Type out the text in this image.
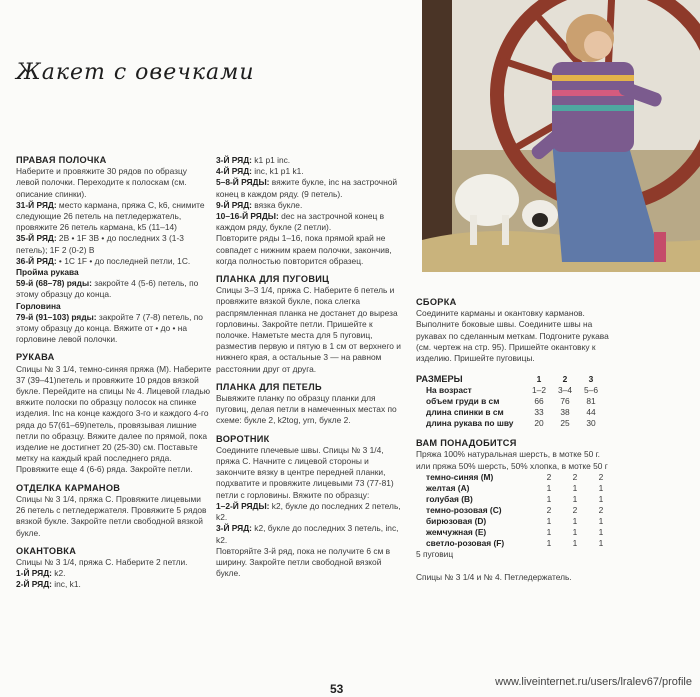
Жакет с овечками

ПРАВАЯ ПОЛОЧКА

Наберите и провяжите 30 рядов по образцу левой полочки. Переходите к полоскам (см. описание спинки).

31-Й РЯД: место кармана, пряжа С, k6, снимите следующие 26 петель на петледержатель, провяжите 26 петель кармана, k5 (11–14)

35-Й РЯД: 2В • 1F 3В • до последних 3 (1-3 петель); 1F 2 (0-2) В

36-Й РЯД: • 1С 1F • до последней петли, 1С.

Пройма рукава

59-й (68–78) ряды: закройте 4 (5-6) петель, по этому образцу до конца.

Горловина

79-й (91–103) ряды: закройте 7 (7-8) петель, по этому образцу до конца. Вяжите от • до • на горловине левой полочки.

РУКАВА

Спицы № 3 1/4, темно-синяя пряжа (М). Наберите 37 (39–41)петель и провяжите 10 рядов вязкой букле. Перейдите на спицы № 4. Лицевой гладью вяжите полоски по образцу полосок на спинке изделия. Inc на конце каждого 3-го и каждого 4-го ряда до 57(61–69)петель, провязывая лишние петли по образцу. Вяжите далее по прямой, пока изделие не достигнет 20 (25-30) см. Поставьте метку на каждый край последнего ряда. Провяжите еще 4 (6-6) ряда. Закройте петли.

ОТДЕЛКА КАРМАНОВ

Спицы № 3 1/4, пряжа С. Провяжите лицевыми 26 петель с петледержателя. Провяжите 5 рядов вязкой букле. Закройте петли свободной вязкой букле.

ОКАНТОВКА

Спицы № 3 1/4, пряжа С. Наберите 2 петли.

1-Й РЯД: k2.

2-Й РЯД: inc, k1.

3-Й РЯД: k1 p1 inc.

4-Й РЯД: inc, k1 p1 k1.

5–8-Й РЯДЫ: вяжите букле, inc на застрочной конец в каждом ряду. (9 петель).

9-Й РЯД: вязка букле.

10–16-Й РЯДЫ: dec на застрочной конец в каждом ряду, букле (2 петли).

Повторите ряды 1–16, пока прямой край не совпадет с нижним краем полочки, закончив, когда полностью повторится образец.

ПЛАНКА ДЛЯ ПУГОВИЦ

Спицы 3–3 1/4, пряжа С. Наберите 6 петель и провяжите вязкой букле, пока слегка распрямленная планка не достанет до выреза горловины. Закройте петли. Пришейте к полочке. Наметьте места для 5 пуговиц, разместив первую и пятую в 1 см от верхнего и нижнего края, а остальные 3 — на равном расстоянии друг от друга.

ПЛАНКА ДЛЯ ПЕТЕЛЬ

Вывяжите планку по образцу планки для пуговиц, делая петли в намеченных местах по схеме: букле 2, k2tog, yrn, букле 2.

ВОРОТНИК

Соедините плечевые швы. Спицы № 3 1/4, пряжа С. Начните с лицевой стороны и закончите вязку в центре передней планки, подхватите и провяжите лицевыми 73 (77-81) петли с горловины. Вяжите по образцу:

1–2-Й РЯДЫ: k2, букле до последних 2 петель, k2.

3-Й РЯД: k2, букле до последних 3 петель, inc, k2.

Повторяйте 3-й ряд, пока не получите 6 см в ширину. Закройте петли свободной вязкой букле.

СБОРКА

Соедините карманы и окантовку карманов. Выполните боковые швы. Соедините швы на рукавах по сделанным меткам. Подгоните рукава (см. чертеж на стр. 95). Пришейте окантовку к изделию. Пришейте пуговицы.

РАЗМЕРЫ	1	2	3
На возраст	1–2	3–4	5–6
объем груди в см	66	76	81
длина спинки в см	33	38	44
длина рукава по шву	20	25	30

ВАМ ПОНАДОБИТСЯ

Пряжа 100% натуральная шерсть, в мотке 50 г. или пряжа 50% шерсть, 50% хлопка, в мотке 50 г

темно-синяя (М)	2	2	2
желтая (А)	1	1	1
голубая (В)	1	1	1
темно-розовая (С)	2	2	2
бирюзовая (D)	1	1	1
жемчужная (E)	1	1	1
светло-розовая (F)	1	1	1

5 пуговиц

Спицы № 3 1/4 и № 4. Петледержатель.

53	www.liveinternet.ru/users/lralev67/profile
